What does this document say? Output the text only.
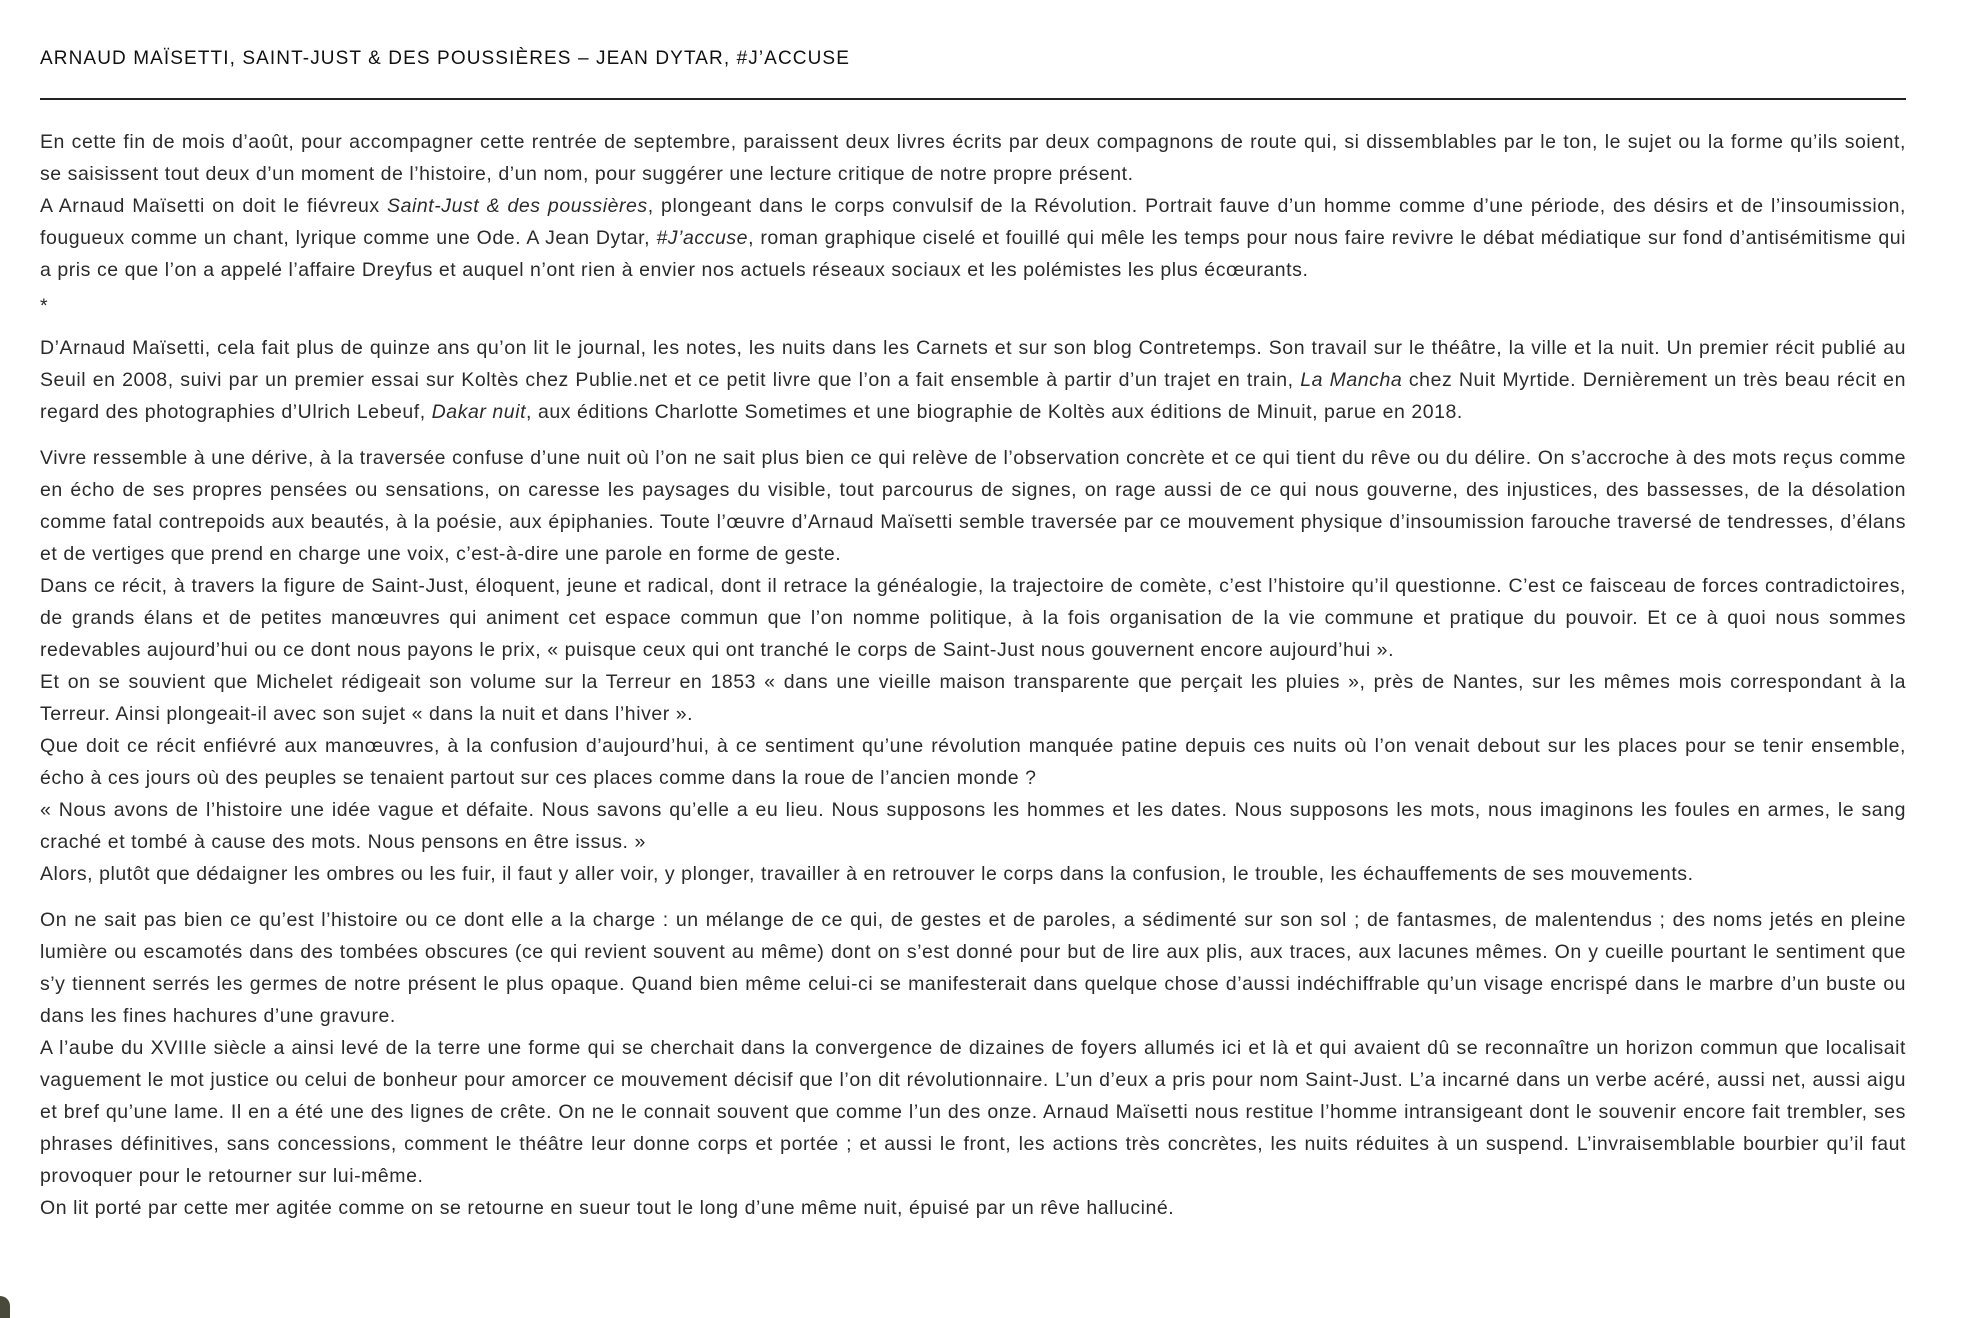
ARNAUD MAÏSETTI, SAINT-JUST & DES POUSSIÈRES – JEAN DYTAR, #J’ACCUSE

En cette fin de mois d’août, pour accompagner cette rentrée de septembre, paraissent deux livres écrits par deux compagnons de route qui, si dissemblables par le ton, le sujet ou la forme qu’ils soient, se saisissent tout deux d’un moment de l’histoire, d’un nom, pour suggérer une lecture critique de notre propre présent.

A Arnaud Maïsetti on doit le fiévreux Saint-Just & des poussières, plongeant dans le corps convulsif de la Révolution. Portrait fauve d’un homme comme d’une période, des désirs et de l’insoumission, fougueux comme un chant, lyrique comme une Ode. A Jean Dytar, #J’accuse, roman graphique ciselé et fouillé qui mêle les temps pour nous faire revivre le débat médiatique sur fond d’antisémitisme qui a pris ce que l’on a appelé l’affaire Dreyfus et auquel n’ont rien à envier nos actuels réseaux sociaux et les polémistes les plus écœurants.

*

D’Arnaud Maïsetti, cela fait plus de quinze ans qu’on lit le journal, les notes, les nuits dans les Carnets et sur son blog Contretemps. Son travail sur le théâtre, la ville et la nuit. Un premier récit publié au Seuil en 2008, suivi par un premier essai sur Koltès chez Publie.net et ce petit livre que l’on a fait ensemble à partir d’un trajet en train, La Mancha chez Nuit Myrtide. Dernièrement un très beau récit en regard des photographies d’Ulrich Lebeuf, Dakar nuit, aux éditions Charlotte Sometimes et une biographie de Koltès aux éditions de Minuit, parue en 2018.

Vivre ressemble à une dérive, à la traversée confuse d’une nuit où l’on ne sait plus bien ce qui relève de l’observation concrète et ce qui tient du rêve ou du délire. On s’accroche à des mots reçus comme en écho de ses propres pensées ou sensations, on caresse les paysages du visible, tout parcourus de signes, on rage aussi de ce qui nous gouverne, des injustices, des bassesses, de la désolation comme fatal contrepoids aux beautés, à la poésie, aux épiphanies. Toute l’œuvre d’Arnaud Maïsetti semble traversée par ce mouvement physique d’insoumission farouche traversé de tendresses, d’élans et de vertiges que prend en charge une voix, c’est-à-dire une parole en forme de geste.

Dans ce récit, à travers la figure de Saint-Just, éloquent, jeune et radical, dont il retrace la généalogie, la trajectoire de comète, c’est l’histoire qu’il questionne. C’est ce faisceau de forces contradictoires, de grands élans et de petites manœuvres qui animent cet espace commun que l’on nomme politique, à la fois organisation de la vie commune et pratique du pouvoir. Et ce à quoi nous sommes redevables aujourd’hui ou ce dont nous payons le prix, « puisque ceux qui ont tranché le corps de Saint-Just nous gouvernent encore aujourd’hui ».

Et on se souvient que Michelet rédigeait son volume sur la Terreur en 1853 « dans une vieille maison transparente que perçait les pluies », près de Nantes, sur les mêmes mois correspondant à la Terreur. Ainsi plongeait-il avec son sujet « dans la nuit et dans l’hiver ».

Que doit ce récit enfiévré aux manœuvres, à la confusion d’aujourd’hui, à ce sentiment qu’une révolution manquée patine depuis ces nuits où l’on venait debout sur les places pour se tenir ensemble, écho à ces jours où des peuples se tenaient partout sur ces places comme dans la roue de l’ancien monde ?

« Nous avons de l’histoire une idée vague et défaite. Nous savons qu’elle a eu lieu. Nous supposons les hommes et les dates. Nous supposons les mots, nous imaginons les foules en armes, le sang craché et tombé à cause des mots. Nous pensons en être issus. »

Alors, plutôt que dédaigner les ombres ou les fuir, il faut y aller voir, y plonger, travailler à en retrouver le corps dans la confusion, le trouble, les échauffements de ses mouvements.

On ne sait pas bien ce qu’est l’histoire ou ce dont elle a la charge : un mélange de ce qui, de gestes et de paroles, a sédimenté sur son sol ; de fantasmes, de malentendus ; des noms jetés en pleine lumière ou escamotés dans des tombées obscures (ce qui revient souvent au même) dont on s’est donné pour but de lire aux plis, aux traces, aux lacunes mêmes. On y cueille pourtant le sentiment que s’y tiennent serrés les germes de notre présent le plus opaque. Quand bien même celui-ci se manifesterait dans quelque chose d’aussi indéchiffrable qu’un visage encrispé dans le marbre d’un buste ou dans les fines hachures d’une gravure.

A l’aube du XVIIIe siècle a ainsi levé de la terre une forme qui se cherchait dans la convergence de dizaines de foyers allumés ici et là et qui avaient dû se reconnaître un horizon commun que localisait vaguement le mot justice ou celui de bonheur pour amorcer ce mouvement décisif que l’on dit révolutionnaire. L’un d’eux a pris pour nom Saint-Just. L’a incarné dans un verbe acéré, aussi net, aussi aigu et bref qu’une lame. Il en a été une des lignes de crête. On ne le connait souvent que comme l’un des onze. Arnaud Maïsetti nous restitue l’homme intransigeant dont le souvenir encore fait trembler, ses phrases définitives, sans concessions, comment le théâtre leur donne corps et portée ; et aussi le front, les actions très concrètes, les nuits réduites à un suspend. L’invraisemblable bourbier qu’il faut provoquer pour le retourner sur lui-même.

On lit porté par cette mer agitée comme on se retourne en sueur tout le long d’une même nuit, épuisé par un rêve halluciné.
